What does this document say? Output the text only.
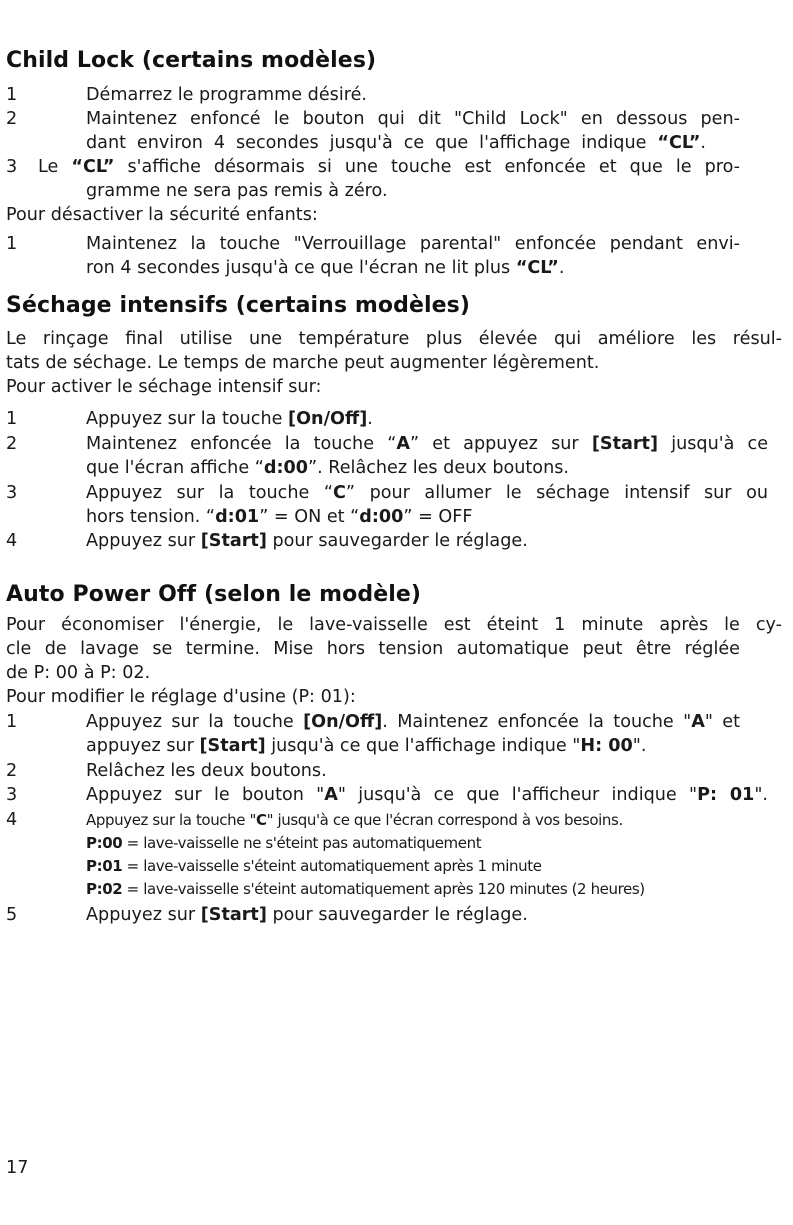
Child Lock (certains modèles)
1	Démarrez le programme désiré.
2	Maintenez enfoncé le bouton qui dit "Child Lock" en dessous pen-
dant environ 4 secondes jusqu'à ce que l'affichage indique “CL”.
3 Le “CL” s'affiche désormais si une touche est enfoncée et que le pro-
gramme ne sera pas remis à zéro.
Pour désactiver la sécurité enfants:
1	Maintenez la touche "Verrouillage parental" enfoncée pendant envi-
ron 4 secondes jusqu'à ce que l'écran ne lit plus “CL”.
Séchage intensifs (certains modèles)
Le rinçage final utilise une température plus élevée qui améliore les résul-
tats de séchage. Le temps de marche peut augmenter légèrement.
Pour activer le séchage intensif sur:
1	Appuyez sur la touche [On/Off].
2	Maintenez enfoncée la touche “A” et appuyez sur [Start] jusqu'à ce
que l'écran affiche “d:00”. Relâchez les deux boutons.
3	Appuyez sur la touche “C” pour allumer le séchage intensif sur ou
hors tension. “d:01” = ON et “d:00” = OFF
4	Appuyez sur [Start] pour sauvegarder le réglage.
Auto Power Off (selon le modèle)
Pour économiser l'énergie, le lave-vaisselle est éteint 1 minute après le cy-
cle de lavage se termine. Mise hors tension automatique peut être réglée
de P: 00 à P: 02.
Pour modifier le réglage d'usine (P: 01):
1	Appuyez sur la touche [On/Off]. Maintenez enfoncée la touche "A" et
appuyez sur [Start] jusqu'à ce que l'affichage indique "H: 00".
2	Relâchez les deux boutons.
3	Appuyez sur le bouton "A" jusqu'à ce que l'afficheur indique "P: 01".
4	Appuyez sur la touche "C" jusqu'à ce que l'écran correspond à vos besoins.
P:00 = lave-vaisselle ne s'éteint pas automatiquement
P:01 = lave-vaisselle s'éteint automatiquement après 1 minute
P:02 = lave-vaisselle s'éteint automatiquement après 120 minutes (2 heures)
5	Appuyez sur [Start] pour sauvegarder le réglage.
17
